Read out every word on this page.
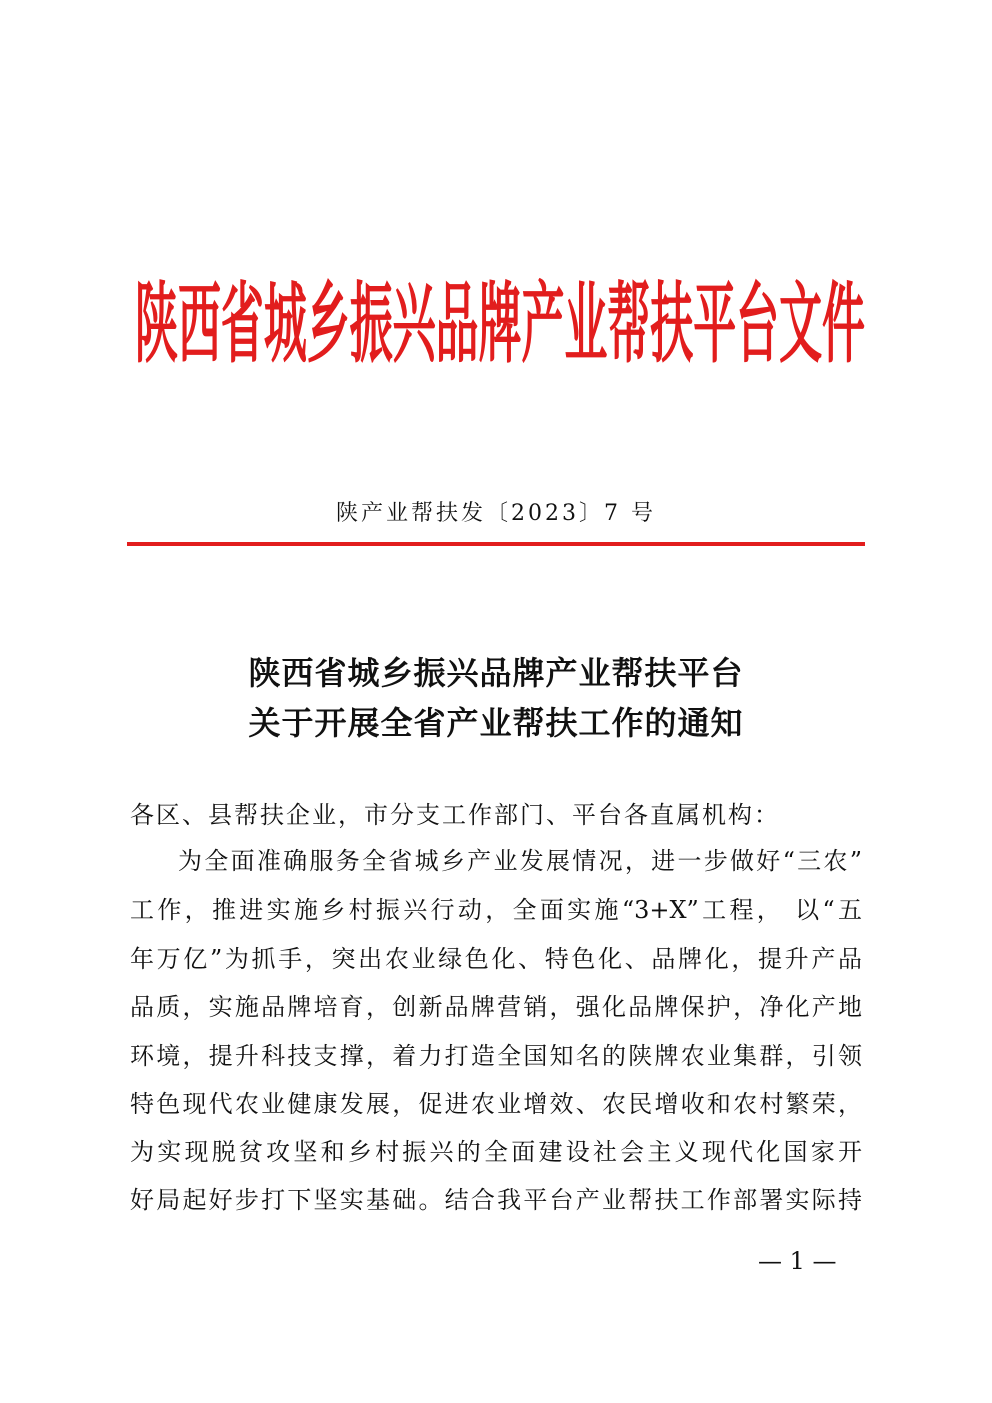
陕西省城乡振兴品牌产业帮扶平台文件
陕产业帮扶发〔2023〕7 号
陕西省城乡振兴品牌产业帮扶平台
关于开展全省产业帮扶工作的通知
各区、县帮扶企业，市分支工作部门、平台各直属机构：
为全面准确服务全省城乡产业发展情况，进一步做好“三农”
工作，推进实施乡村振兴行动，全面实施“3+X”工程， 以“五
年万亿”为抓手，突出农业绿色化、特色化、品牌化，提升产品
品质，实施品牌培育，创新品牌营销，强化品牌保护，净化产地
环境，提升科技支撑，着力打造全国知名的陕牌农业集群，引领
特色现代农业健康发展，促进农业增效、农民增收和农村繁荣，
为实现脱贫攻坚和乡村振兴的全面建设社会主义现代化国家开
好局起好步打下坚实基础。结合我平台产业帮扶工作部署实际持
— 1 —
